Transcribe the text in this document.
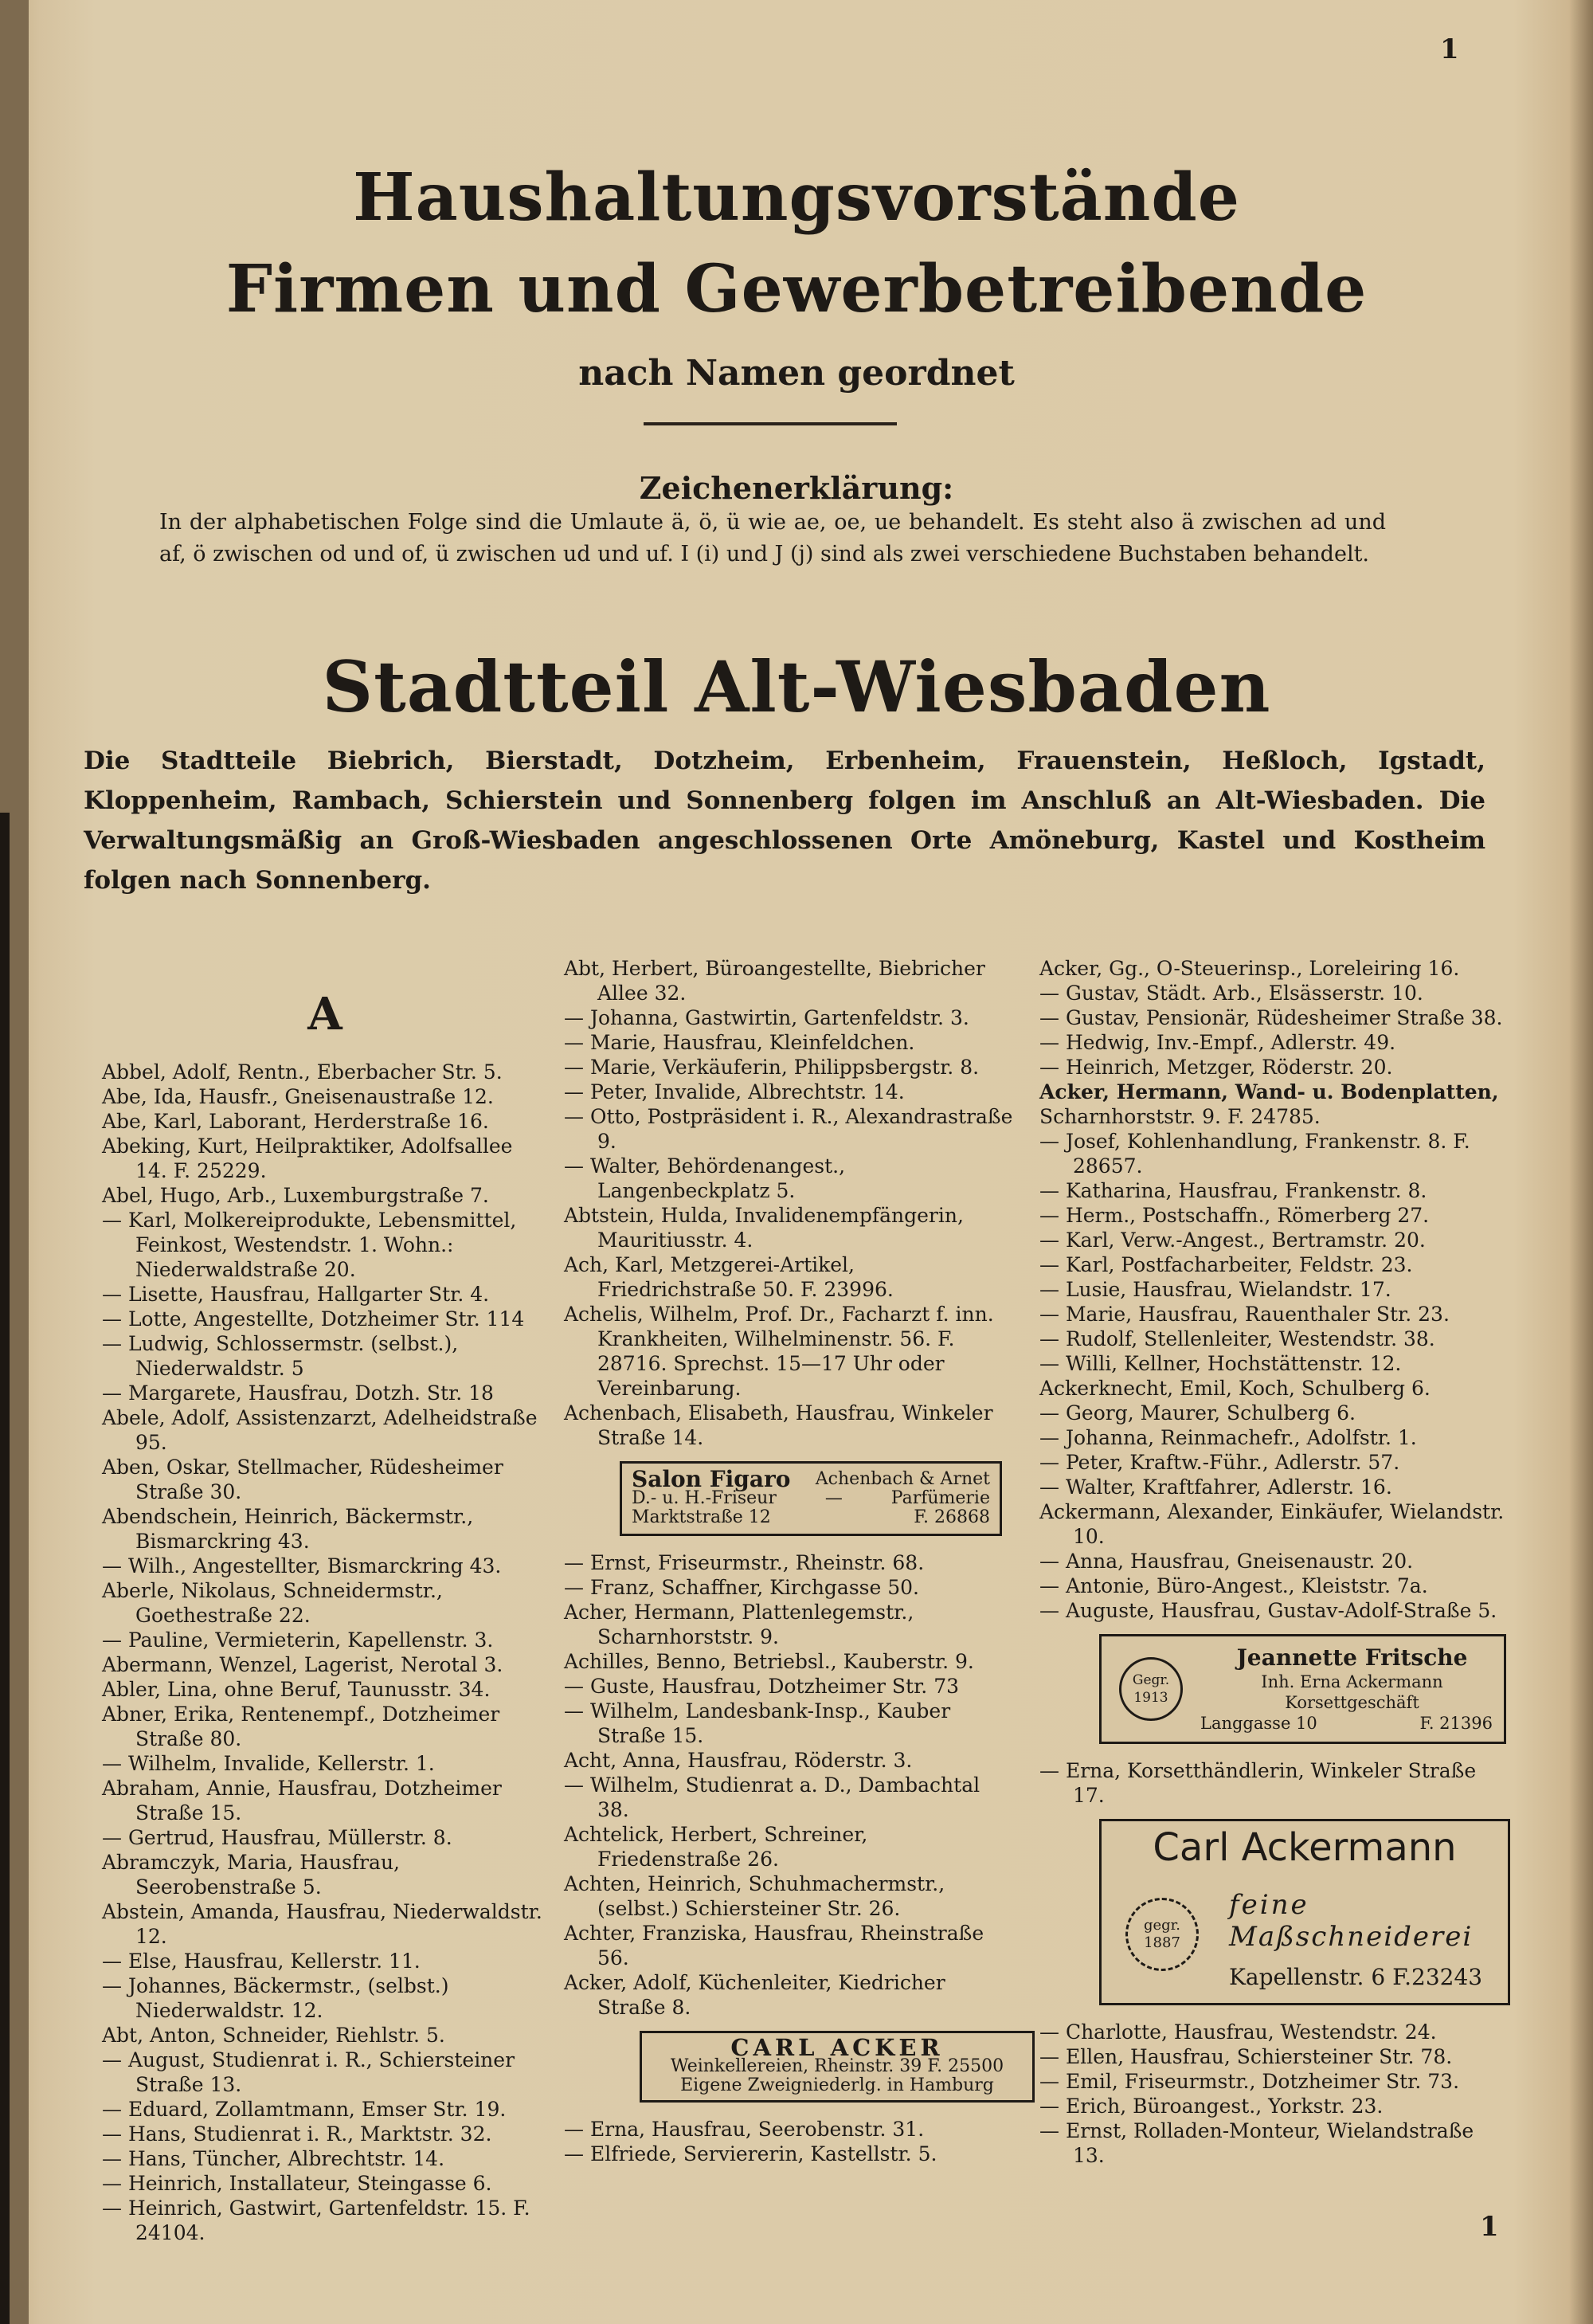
1
Haushaltungsvorstände
Firmen und Gewerbetreibende
nach Namen geordnet
Zeichenerklärung:

In der alphabetischen Folge sind die Umlaute ä, ö, ü wie ae, oe, ue behandelt. Es steht also ä zwischen ad und af, ö zwischen od und of, ü zwischen ud und uf. I (i) und J (j) sind als zwei verschiedene Buchstaben behandelt.

Stadtteil Alt-Wiesbaden

Die Stadtteile Biebrich, Bierstadt, Dotzheim, Erbenheim, Frauenstein, Heßloch, Igstadt, Kloppenheim, Rambach, Schierstein und Sonnenberg folgen im Anschluß an Alt-Wiesbaden. Die Verwaltungsmäßig an Groß-Wiesbaden angeschlossenen Orte Amöneburg, Kastel und Kostheim folgen nach Sonnenberg.

A

Abbel, Adolf, Rentn., Eberbacher Str. 5.

Abe, Ida, Hausfr., Gneisenaustraße 12.

Abe, Karl, Laborant, Herderstraße 16.

Abeking, Kurt, Heilpraktiker, Adolfsallee 14. F. 25229.

Abel, Hugo, Arb., Luxemburgstraße 7.

— Karl, Molkereiprodukte, Lebensmittel, Feinkost, Westendstr. 1. Wohn.: Niederwaldstraße 20.

— Lisette, Hausfrau, Hallgarter Str. 4.

— Lotte, Angestellte, Dotzheimer Str. 114

— Ludwig, Schlossermstr. (selbst.), Niederwaldstr. 5

— Margarete, Hausfrau, Dotzh. Str. 18

Abele, Adolf, Assistenzarzt, Adelheidstraße 95.

Aben, Oskar, Stellmacher, Rüdesheimer Straße 30.

Abendschein, Heinrich, Bäckermstr., Bismarckring 43.

— Wilh., Angestellter, Bismarckring 43.

Aberle, Nikolaus, Schneidermstr., Goethestraße 22.

— Pauline, Vermieterin, Kapellenstr. 3.

Abermann, Wenzel, Lagerist, Nerotal 3.

Abler, Lina, ohne Beruf, Taunusstr. 34.

Abner, Erika, Rentenempf., Dotzheimer Straße 80.

— Wilhelm, Invalide, Kellerstr. 1.

Abraham, Annie, Hausfrau, Dotzheimer Straße 15.

— Gertrud, Hausfrau, Müllerstr. 8.

Abramczyk, Maria, Hausfrau, Seerobenstraße 5.

Abstein, Amanda, Hausfrau, Niederwaldstr. 12.

— Else, Hausfrau, Kellerstr. 11.

— Johannes, Bäckermstr., (selbst.) Niederwaldstr. 12.

Abt, Anton, Schneider, Riehlstr. 5.

— August, Studienrat i. R., Schiersteiner Straße 13.

— Eduard, Zollamtmann, Emser Str. 19.

— Hans, Studienrat i. R., Marktstr. 32.

— Hans, Tüncher, Albrechtstr. 14.

— Heinrich, Installateur, Steingasse 6.

— Heinrich, Gastwirt, Gartenfeldstr. 15. F. 24104.

Abt, Herbert, Büroangestellte, Biebricher Allee 32.

— Johanna, Gastwirtin, Gartenfeldstr. 3.

— Marie, Hausfrau, Kleinfeldchen.

— Marie, Verkäuferin, Philippsbergstr. 8.

— Peter, Invalide, Albrechtstr. 14.

— Otto, Postpräsident i. R., Alexandrastraße 9.

— Walter, Behördenangest., Langenbeckplatz 5.

Abtstein, Hulda, Invalidenempfängerin, Mauritiusstr. 4.

Ach, Karl, Metzgerei-Artikel, Friedrichstraße 50. F. 23996.

Achelis, Wilhelm, Prof. Dr., Facharzt f. inn. Krankheiten, Wilhelminenstr. 56. F. 28716. Sprechst. 15—17 Uhr oder Vereinbarung.

Achenbach, Elisabeth, Hausfrau, Winkeler Straße 14.

Salon Figaro Achenbach & Arnet
D.- u. H.-Friseur	—	Parfümerie
Marktstraße 12	F. 26868

— Ernst, Friseurmstr., Rheinstr. 68.

— Franz, Schaffner, Kirchgasse 50.

Acher, Hermann, Plattenlegemstr., Scharnhorststr. 9.

Achilles, Benno, Betriebsl., Kauberstr. 9.

— Guste, Hausfrau, Dotzheimer Str. 73

— Wilhelm, Landesbank-Insp., Kauber Straße 15.

Acht, Anna, Hausfrau, Röderstr. 3.

— Wilhelm, Studienrat a. D., Dambachtal 38.

Achtelick, Herbert, Schreiner, Friedenstraße 26.

Achten, Heinrich, Schuhmachermstr., (selbst.) Schiersteiner Str. 26.

Achter, Franziska, Hausfrau, Rheinstraße 56.

Acker, Adolf, Küchenleiter, Kiedricher Straße 8.

CARL ACKER
Weinkellereien, Rheinstr. 39 F. 25500
Eigene Zweigniederlg. in Hamburg

— Erna, Hausfrau, Seerobenstr. 31.

— Elfriede, Serviererin, Kastellstr. 5.

Acker, Gg., O-Steuerinsp., Loreleiring 16.

— Gustav, Städt. Arb., Elsässerstr. 10.

— Gustav, Pensionär, Rüdesheimer Straße 38.

— Hedwig, Inv.-Empf., Adlerstr. 49.

— Heinrich, Metzger, Röderstr. 20.

Acker, Hermann, Wand- u. Bodenplatten,

Scharnhorststr. 9. F. 24785.

— Josef, Kohlenhandlung, Frankenstr. 8. F. 28657.

— Katharina, Hausfrau, Frankenstr. 8.

— Herm., Postschaffn., Römerberg 27.

— Karl, Verw.-Angest., Bertramstr. 20.

— Karl, Postfacharbeiter, Feldstr. 23.

— Lusie, Hausfrau, Wielandstr. 17.

— Marie, Hausfrau, Rauenthaler Str. 23.

— Rudolf, Stellenleiter, Westendstr. 38.

— Willi, Kellner, Hochstättenstr. 12.

Ackerknecht, Emil, Koch, Schulberg 6.

— Georg, Maurer, Schulberg 6.

— Johanna, Reinmachefr., Adolfstr. 1.

— Peter, Kraftw.-Führ., Adlerstr. 57.

— Walter, Kraftfahrer, Adlerstr. 16.

Ackermann, Alexander, Einkäufer, Wielandstr. 10.

— Anna, Hausfrau, Gneisenaustr. 20.

— Antonie, Büro-Angest., Kleiststr. 7a.

— Auguste, Hausfrau, Gustav-Adolf-Straße 5.

Gegr.
1913
Jeannette Fritsche
Inh. Erna Ackermann
Korsettgeschäft
Langgasse 10	F. 21396

— Erna, Korsetthändlerin, Winkeler Straße 17.

Carl Ackermann
gegr.
1887
feine
Maßschneiderei
Kapellenstr. 6 F.23243

— Charlotte, Hausfrau, Westendstr. 24.

— Ellen, Hausfrau, Schiersteiner Str. 78.

— Emil, Friseurmstr., Dotzheimer Str. 73.

— Erich, Büroangest., Yorkstr. 23.

— Ernst, Rolladen-Monteur, Wielandstraße 13.

1
